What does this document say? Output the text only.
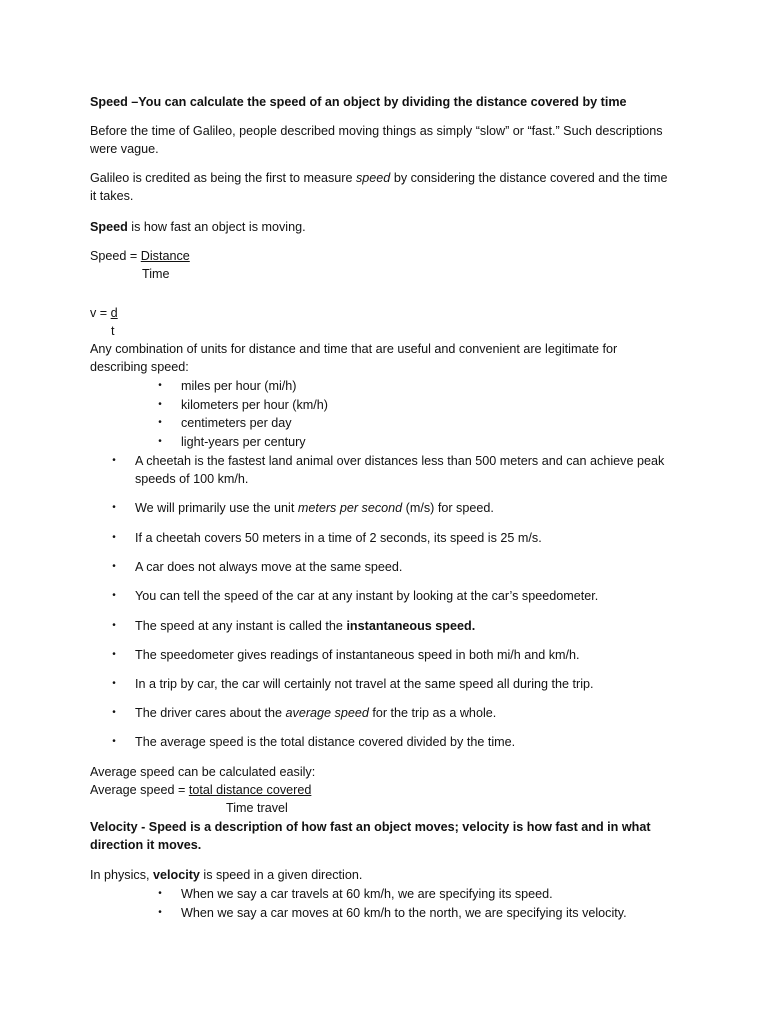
Speed –You can calculate the speed of an object by dividing the distance covered by time
Before the time of Galileo, people described moving things as simply “slow” or “fast.” Such descriptions
were vague.
Galileo is credited as being the first to measure speed by considering the distance covered and the time
it takes.
Speed is how fast an object is moving.
Speed = Distance
Time
v = d
t
Any combination of units for distance and time that are useful and convenient are legitimate for
describing speed:
• miles per hour (mi/h)
• kilometers per hour (km/h)
• centimeters per day
• light-years per century
• A cheetah is the fastest land animal over distances less than 500 meters and can achieve peak
speeds of 100 km/h.
• We will primarily use the unit meters per second (m/s) for speed.
• If a cheetah covers 50 meters in a time of 2 seconds, its speed is 25 m/s.
• A car does not always move at the same speed.
• You can tell the speed of the car at any instant by looking at the car’s speedometer.
• The speed at any instant is called the instantaneous speed.
• The speedometer gives readings of instantaneous speed in both mi/h and km/h.
• In a trip by car, the car will certainly not travel at the same speed all during the trip.
• The driver cares about the average speed for the trip as a whole.
• The average speed is the total distance covered divided by the time.
Average speed can be calculated easily:
Average speed = total distance covered
Time travel
Velocity - Speed is a description of how fast an object moves; velocity is how fast and in what
direction it moves.
In physics, velocity is speed in a given direction.
• When we say a car travels at 60 km/h, we are specifying its speed.
• When we say a car moves at 60 km/h to the north, we are specifying its velocity.
